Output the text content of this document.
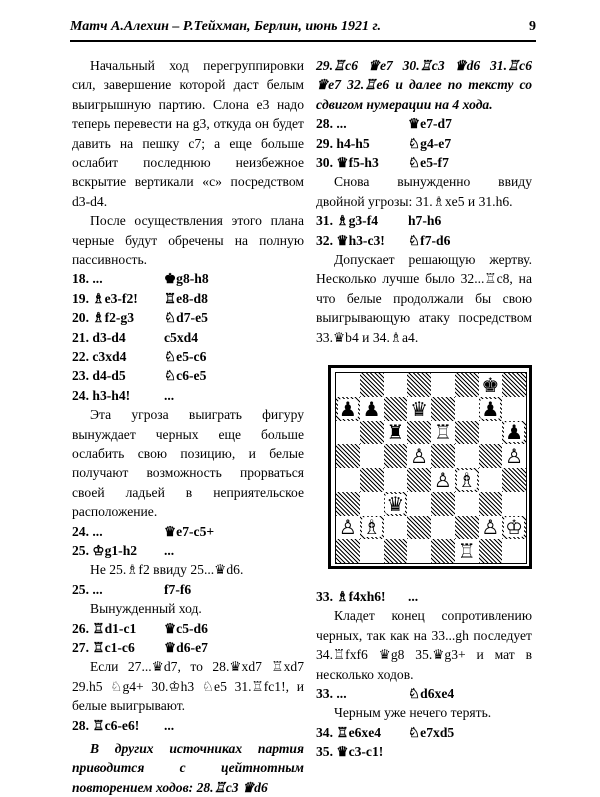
Матч А.Алехин – Р.Тейхман, Берлин, июнь 1921 г.	9

Начальный ход перегруппировки сил, завершение которой даст белым выигрышную партию. Слона е3 надо теперь перевести на g3, откуда он будет давить на пешку с7; а еще больше ослабит последнюю неизбежное вскрытие вертикали «с» посредством d3-d4.

После осуществления этого плана черные будут обречены на полную пассивность.

18. ...	♚g8-h8
19. ♗e3-f2!	♖e8-d8
20. ♗f2-g3	♘d7-e5
21. d3-d4	c5xd4
22. c3xd4	♘e5-c6
23. d4-d5	♘c6-e5
24. h3-h4!	...

Эта угроза выиграть фигуру вынуждает черных еще больше ослабить свою позицию, и белые получают возможность прорваться своей ладьей в неприятельское расположение.

24. ...	♛e7-c5+
25. ♔g1-h2	...

Не 25.♗f2 ввиду 25...♛d6.

25. ...	f7-f6

Вынужденный ход.

26. ♖d1-c1	♛c5-d6
27. ♖c1-c6	♛d6-e7

Если 27...♛d7, то 28.♛xd7 ♖xd7 29.h5 ♘g4+ 30.♔h3 ♘e5 31.♖fc1!, и белые выигрывают.

28. ♖c6-e6!	...

В других источниках партия приводится с цейтнотным повторением ходов: 28.♖c3 ♛d6

29.♖c6 ♛e7 30.♖c3 ♛d6 31.♖c6 ♛e7 32.♖e6 и далее по тексту со сдвигом нумерации на 4 хода.

28. ...	♛e7-d7
29. h4-h5	♘g4-e7
30. ♛f5-h3	♘e5-f7

Снова вынужденно ввиду двойной угрозы: 31.♗xe5 и 31.h6.

31. ♗g3-f4	h7-h6
32. ♛h3-c3!	♘f7-d6

Допускает решающую жертву. Несколько лучше было 32...♖c8, на что белые продолжали бы свою выигрывающую атаку посредством 33.♛b4 и 34.♗a4.

♚
♟ ♟ ♛	♟
♜ ♖	♟
♙	♙
♙ ♗
♛
♙ ♗	♙ ♔
♖
33. ♗f4xh6!	...

Кладет конец сопротивлению черных, так как на 33...gh последует 34.♖fxf6 ♛g8 35.♛g3+ и мат в несколько ходов.

33. ...	♘d6xe4

Черным уже нечего терять.

34. ♖e6xe4	♘e7xd5
35. ♛c3-c1!
